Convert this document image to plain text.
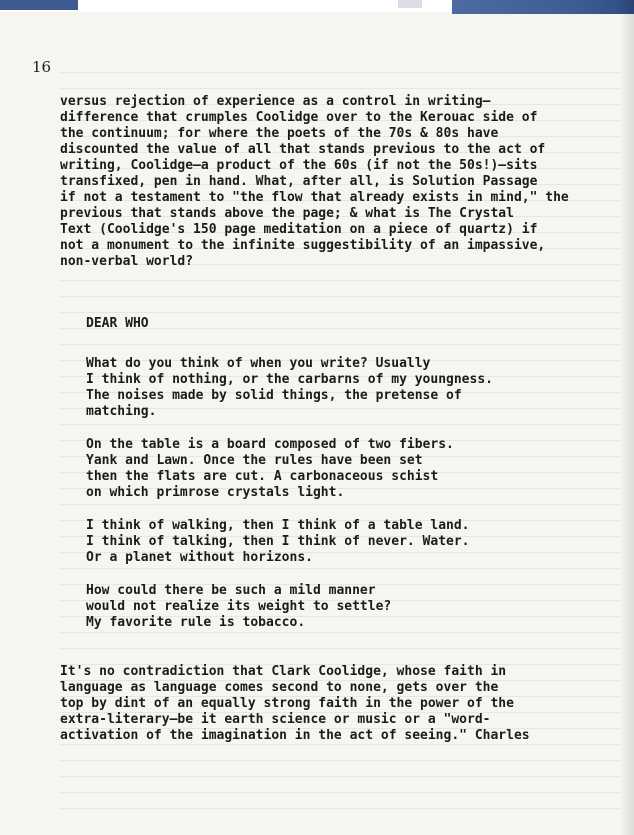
16

versus rejection of experience as a control in writing—
difference that crumples Coolidge over to the Kerouac side of
the continuum; for where the poets of the 70s & 80s have
discounted the value of all that stands previous to the act of
writing, Coolidge—a product of the 60s (if not the 50s!)—sits
transfixed, pen in hand. What, after all, is Solution Passage
if not a testament to "the flow that already exists in mind," the
previous that stands above the page; & what is The Crystal
Text (Coolidge's 150 page meditation on a piece of quartz) if
not a monument to the infinite suggestibility of an impassive,
non-verbal world?

DEAR WHO

What do you think of when you write? Usually
I think of nothing, or the carbarns of my youngness.
The noises made by solid things, the pretense of
matching.

On the table is a board composed of two fibers.
Yank and Lawn. Once the rules have been set
then the flats are cut. A carbonaceous schist
on which primrose crystals light.

I think of walking, then I think of a table land.
I think of talking, then I think of never. Water.
Or a planet without horizons.

How could there be such a mild manner
would not realize its weight to settle?
My favorite rule is tobacco.

It's no contradiction that Clark Coolidge, whose faith in
language as language comes second to none, gets over the
top by dint of an equally strong faith in the power of the
extra-literary—be it earth science or music or a "word-
activation of the imagination in the act of seeing." Charles
